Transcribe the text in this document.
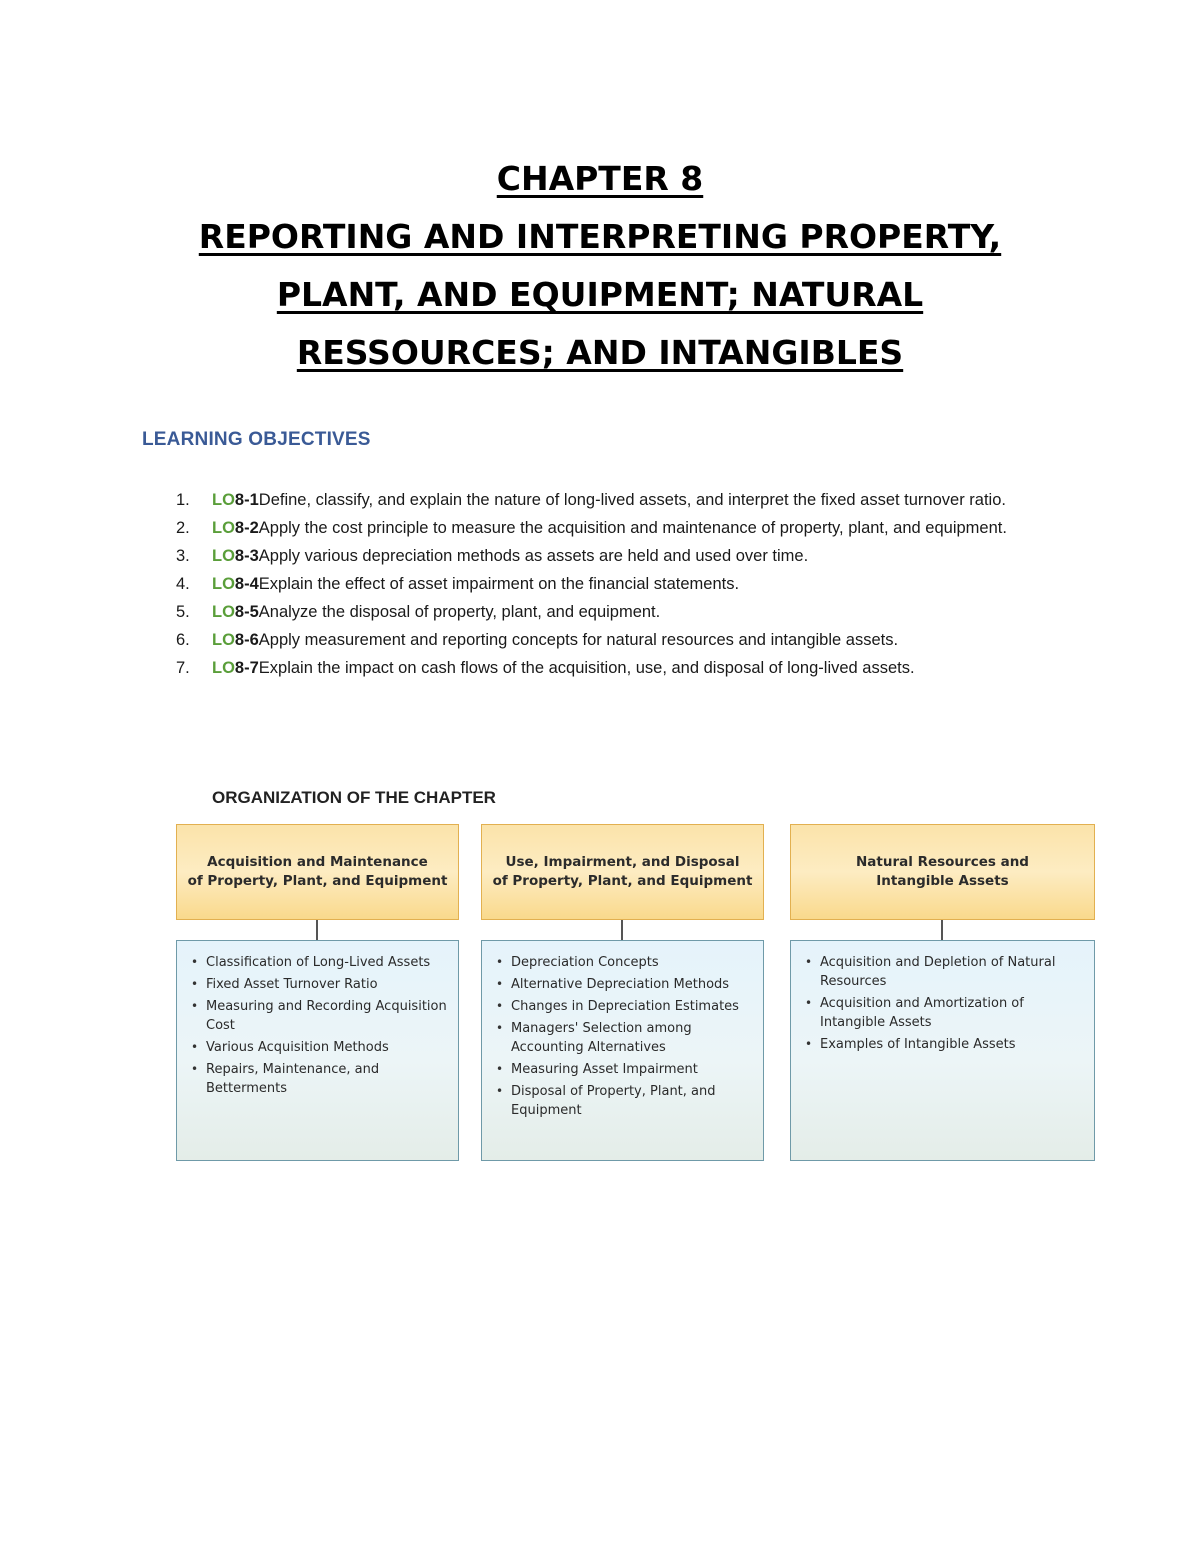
CHAPTER 8
REPORTING AND INTERPRETING PROPERTY,
PLANT, AND EQUIPMENT; NATURAL
RESSOURCES; AND INTANGIBLES
LEARNING OBJECTIVES
1. LO8-1Define, classify, and explain the nature of long-lived assets, and interpret the fixed asset turnover ratio.
2. LO8-2Apply the cost principle to measure the acquisition and maintenance of property, plant, and equipment.
3. LO8-3Apply various depreciation methods as assets are held and used over time.
4. LO8-4Explain the effect of asset impairment on the financial statements.
5. LO8-5Analyze the disposal of property, plant, and equipment.
6. LO8-6Apply measurement and reporting concepts for natural resources and intangible assets.
7. LO8-7Explain the impact on cash flows of the acquisition, use, and disposal of long-lived assets.
ORGANIZATION OF THE CHAPTER
Acquisition and Maintenance
of Property, Plant, and Equipment
• Classification of Long-Lived Assets
• Fixed Asset Turnover Ratio
• Measuring and Recording Acquisition Cost
• Various Acquisition Methods
• Repairs, Maintenance, and Betterments
Use, Impairment, and Disposal
of Property, Plant, and Equipment
• Depreciation Concepts
• Alternative Depreciation Methods
• Changes in Depreciation Estimates
• Managers' Selection among Accounting Alternatives
• Measuring Asset Impairment
• Disposal of Property, Plant, and Equipment
Natural Resources and
Intangible Assets
• Acquisition and Depletion of Natural Resources
• Acquisition and Amortization of Intangible Assets
• Examples of Intangible Assets
